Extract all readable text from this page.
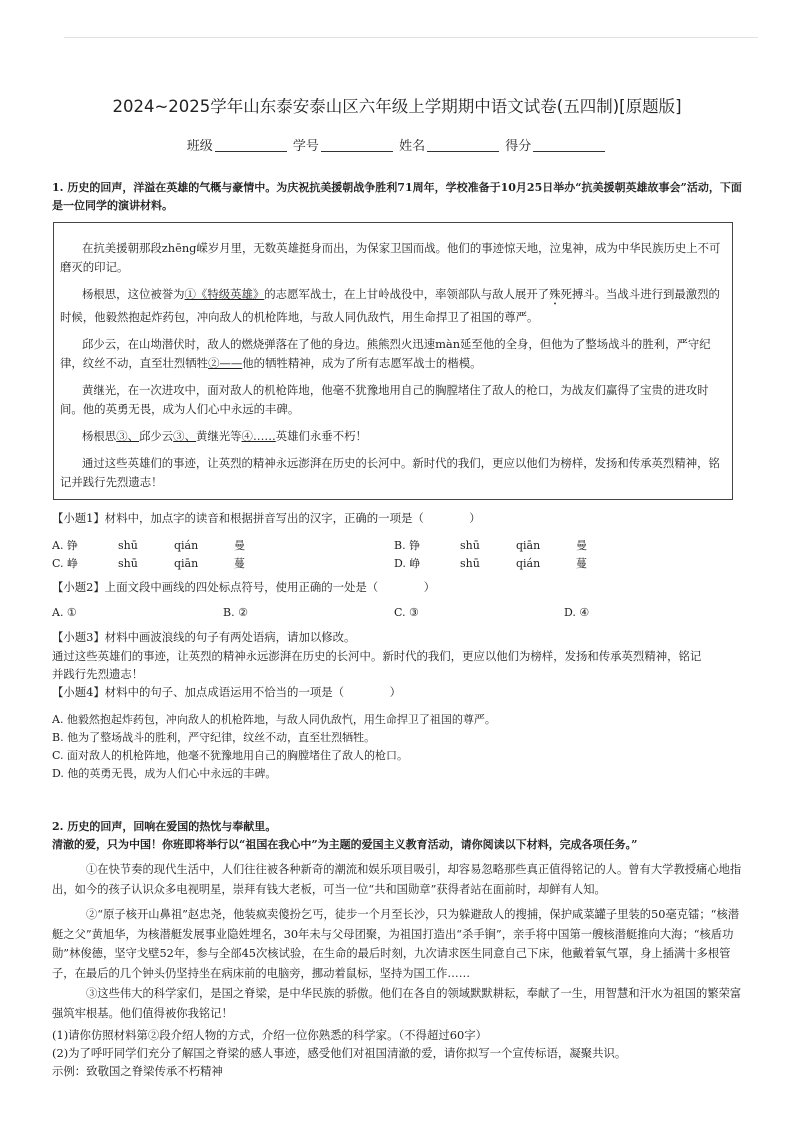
2024~2025学年山东泰安泰山区六年级上学期期中语文试卷(五四制)[原题版]
班级	学号	姓名	得分
1. 历史的回声，洋溢在英雄的气概与豪情中。为庆祝抗美援朝战争胜利71周年，学校准备于10月25日举办“抗美援朝英雄故事会”活动，下面是一位同学的演讲材料。

在抗美援朝那段zhēng嵘岁月里，无数英雄挺身而出，为保家卫国而战。他们的事迹惊天地，泣鬼神，成为中华民族历史上不可磨灭的印记。

杨根思，这位被誉为①《特级英雄》的志愿军战士，在上甘岭战役中，率领部队与敌人展开了殊死搏斗。当战斗进行到最激烈的时候，他毅然抱起炸药包，冲向敌人的机枪阵地，与敌人同仇敌忾，用生命捍卫了祖国的尊严。

邱少云，在山坳潜伏时，敌人的燃烧弹落在了他的身边。熊熊烈火迅速màn延至他的全身，但他为了整场战斗的胜利，严守纪律，纹丝不动，直至壮烈牺牲②——他的牺牲精神，成为了所有志愿军战士的楷模。

黄继光，在一次进攻中，面对敌人的机枪阵地，他毫不犹豫地用自己的胸膛堵住了敌人的枪口，为战友们赢得了宝贵的进攻时间。他的英勇无畏，成为人们心中永远的丰碑。

杨根思③、邱少云③、黄继光等④……英雄们永垂不朽！

通过这些英雄们的事迹，让英烈的精神永远澎湃在历史的长河中。新时代的我们，更应以他们为榜样，发扬和传承英烈精神，铭记并践行先烈遗志！

【小题1】材料中，加点字的读音和根据拼音写出的汉字，正确的一项是（　　　　）
A. 铮	shū	qián	曼	B. 铮	shū	qiān	曼
C. 峥	shū	qiān	蔓	D. 峥	shū	qián	蔓
【小题2】上面文段中画线的四处标点符号，使用正确的一处是（　　　　）
A. ①	B. ②	C. ③	D. ④
【小题3】材料中画波浪线的句子有两处语病，请加以修改。
通过这些英雄们的事迹，让英烈的精神永远澎湃在历史的长河中。新时代的我们，更应以他们为榜样，发扬和传承英烈精神，铭记
并践行先烈遗志！
【小题4】材料中的句子、加点成语运用不恰当的一项是（　　　　）
A. 他毅然抱起炸药包，冲向敌人的机枪阵地，与敌人同仇敌忾，用生命捍卫了祖国的尊严。
B. 他为了整场战斗的胜利，严守纪律，纹丝不动，直至壮烈牺牲。
C. 面对敌人的机枪阵地，他毫不犹豫地用自己的胸膛堵住了敌人的枪口。
D. 他的英勇无畏，成为人们心中永远的丰碑。
2. 历史的回声，回响在爱国的热忱与奉献里。
清澈的爱，只为中国！你班即将举行以“祖国在我心中”为主题的爱国主义教育活动，请你阅读以下材料，完成各项任务。”

①在快节奏的现代生活中，人们往往被各种新奇的潮流和娱乐项目吸引，却容易忽略那些真正值得铭记的人。曾有大学教授痛心地指出，如今的孩子认识众多电视明星，崇拜有钱大老板，可当一位“共和国勋章”获得者站在面前时，却鲜有人知。

②“原子核开山鼻祖”赵忠尧，他装疯卖傻扮乞丐，徒步一个月至长沙，只为躲避敌人的搜捕，保护咸菜罐子里装的50毫克镭；“核潜艇之父”黄旭华，为核潜艇发展事业隐姓埋名，30年未与父母团聚，为祖国打造出“杀手锏”，亲手将中国第一艘核潜艇推向大海；“核盾功勋”林俊德，坚守戈壁52年，参与全部45次核试验，在生命的最后时刻，九次请求医生同意自己下床，他戴着氧气罩，身上插满十多根管子，在最后的几个钟头仍坚持坐在病床前的电脑旁，挪动着鼠标，坚持为国工作……

③这些伟大的科学家们，是国之脊梁，是中华民族的骄傲。他们在各自的领域默默耕耘，奉献了一生，用智慧和汗水为祖国的繁荣富强筑牢根基。他们值得被你我铭记！

(1)请你仿照材料第②段介绍人物的方式，介绍一位你熟悉的科学家。（不得超过60字）
(2)为了呼吁同学们充分了解国之脊梁的感人事迹，感受他们对祖国清澈的爱，请你拟写一个宣传标语，凝聚共识。
示例：致敬国之脊梁传承不朽精神
